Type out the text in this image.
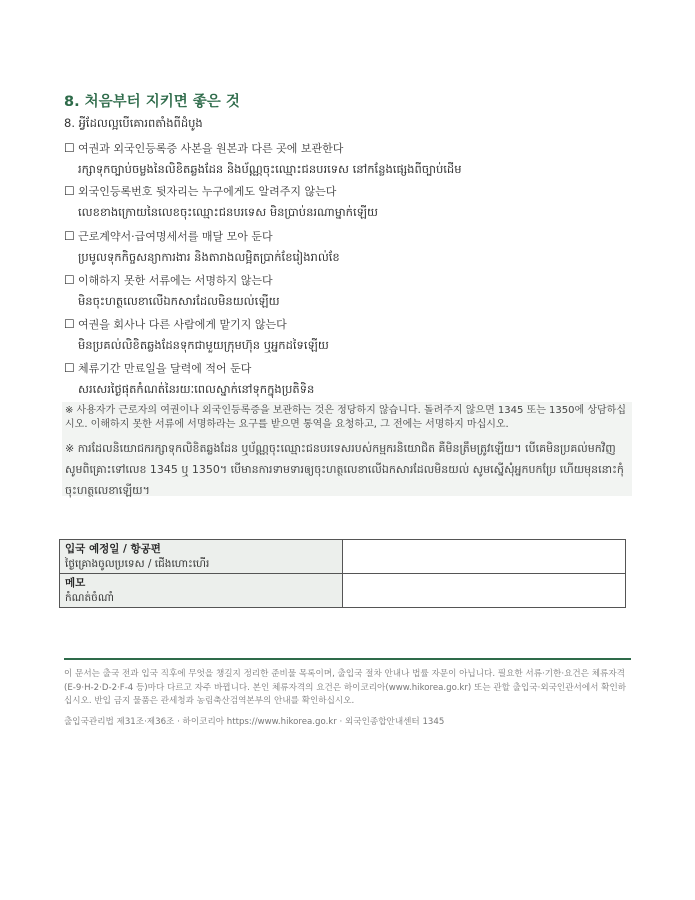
8. 처음부터 지키면 좋은 것
8. អ្វីដែលល្អបើគោរពតាំងពីដំបូង
☐ 여권과 외국인등록증 사본을 원본과 다른 곳에 보관한다
រក្សាទុកច្បាប់ចម្លងនៃលិខិតឆ្លងដែន និងប័ណ្ណចុះឈ្មោះជនបរទេស នៅកន្លែងផ្សេងពីច្បាប់ដើម
☐ 외국인등록번호 뒷자리는 누구에게도 알려주지 않는다
លេខខាងក្រោយនៃលេខចុះឈ្មោះជនបរទេស មិនប្រាប់នរណាម្នាក់ឡើយ
☐ 근로계약서·급여명세서를 매달 모아 둔다
ប្រមូលទុកកិច្ចសន្យាការងារ និងតារាងលម្អិតប្រាក់ខែរៀងរាល់ខែ
☐ 이해하지 못한 서류에는 서명하지 않는다
មិនចុះហត្ថលេខាលើឯកសារដែលមិនយល់ឡើយ
☐ 여권을 회사나 다른 사람에게 맡기지 않는다
មិនប្រគល់លិខិតឆ្លងដែនទុកជាមួយក្រុមហ៊ុន ឬអ្នកដទៃឡើយ
☐ 체류기간 만료일을 달력에 적어 둔다
សរសេរថ្ងៃផុតកំណត់នៃរយៈពេលស្នាក់នៅទុកក្នុងប្រតិទិន
※ 사용자가 근로자의 여권이나 외국인등록증을 보관하는 것은 정당하지 않습니다. 돌려주지 않으면 1345 또는 1350에 상담하십시오. 이해하지 못한 서류에 서명하라는 요구를 받으면 통역을 요청하고, 그 전에는 서명하지 마십시오.
※ ការដែលនិយោជករក្សាទុកលិខិតឆ្លងដែន ឬប័ណ្ណចុះឈ្មោះជនបរទេសរបស់កម្មករនិយោជិត គឺមិនត្រឹមត្រូវឡើយ។ បើគេមិនប្រគល់មកវិញ សូមពិគ្រោះទៅលេខ 1345 ឬ 1350។ បើមានការទាមទារឲ្យចុះហត្ថលេខាលើឯកសារដែលមិនយល់ សូមស្នើសុំអ្នកបកប្រែ ហើយមុននោះកុំចុះហត្ថលេខាឡើយ។
입국 예정일 / 항공편
ថ្ងៃគ្រោងចូលប្រទេស / ជើងហោះហើរ	

메모
កំណត់ចំណាំ	

이 문서는 출국 전과 입국 직후에 무엇을 챙길지 정리한 준비물 목록이며, 출입국 절차 안내나 법률 자문이 아닙니다. 필요한 서류·기한·요건은 체류자격(E-9·H-2·D-2·F-4 등)마다 다르고 자주 바뀝니다. 본인 체류자격의 요건은 하이코리아(www.hikorea.go.kr) 또는 관할 출입국·외국인관서에서 확인하십시오. 반입 금지 물품은 관세청과 농림축산검역본부의 안내를 확인하십시오.
출입국관리법 제31조·제36조 · 하이코리아 https://www.hikorea.go.kr · 외국인종합안내센터 1345
